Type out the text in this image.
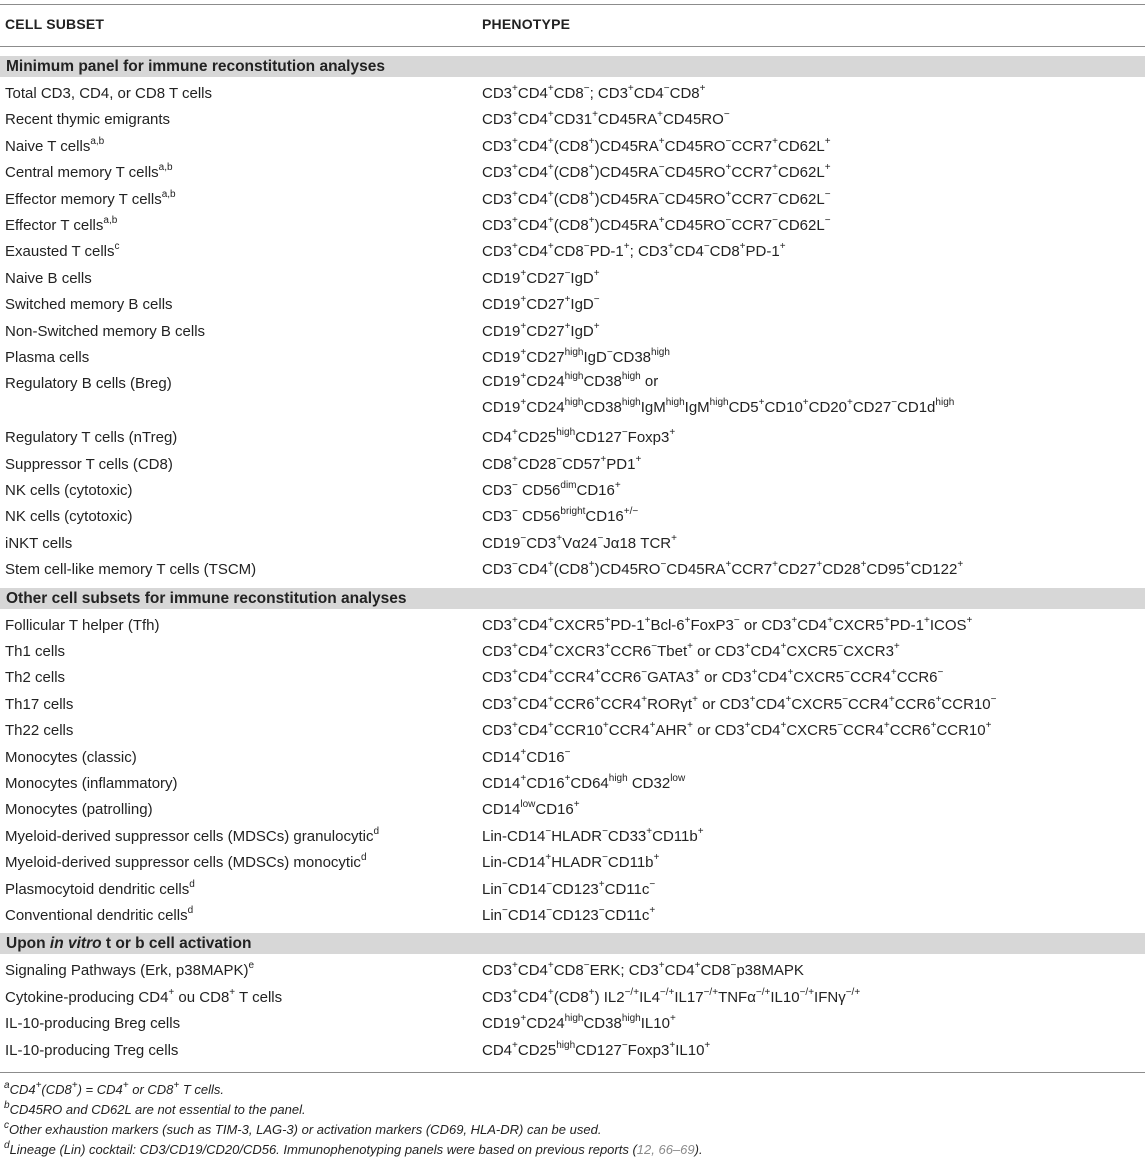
CELL SUBSET	PHENOTYPE
Minimum panel for immune reconstitution analyses
Total CD3, CD4, or CD8 T cells	CD3+CD4+CD8−; CD3+CD4−CD8+
Recent thymic emigrants	CD3+CD4+CD31+CD45RA+CD45RO−
Naive T cells$^{a,b}$	CD3+CD4+(CD8+)CD45RA+CD45RO−CCR7+CD62L+
Central memory T cells$^{a,b}$	CD3+CD4+(CD8+)CD45RA−CD45RO+CCR7+CD62L+
Effector memory T cells$^{a,b}$	CD3+CD4+(CD8+)CD45RA−CD45RO+CCR7−CD62L−
Effector T cells$^{a,b}$	CD3+CD4+(CD8+)CD45RA+CD45RO−CCR7−CD62L−
Exausted T cells$^c$	CD3+CD4+CD8−PD-1+; CD3+CD4−CD8+PD-1+
Naive B cells	CD19+CD27−IgD+
Switched memory B cells	CD19+CD27+IgD−
Non-Switched memory B cells	CD19+CD27+IgD+
Plasma cells	$CD19^+CD27^{high}IgD^-CD38^{high}$
Regulatory B cells (Breg)	$CD19^+CD24^{high}CD38^{high}$ or
$CD19^+CD24^{high}CD38^{high}IgM^{high}IgM^{high}CD5^+CD10^+CD20^+CD27^-CD1d^{high}$
Regulatory T cells (nTreg)	$CD4^+CD25^{high}CD127^-Foxp3^+$
Suppressor T cells (CD8)	CD8+CD28−CD57+PD1+
NK cells (cytotoxic)	CD3− $CD56^{dim}CD16^+$
NK cells (cytotoxic)	CD3− $CD56^{bright}CD16^{+/-}$
iNKT cells	CD19−CD3+Vα24−Jα18 TCR+
Stem cell-like memory T cells (TSCM)	CD3−CD4+(CD8+)CD45RO−CD45RA+CCR7+CD27+CD28+CD95+CD122+
Other cell subsets for immune reconstitution analyses
Follicular T helper (Tfh)	CD3+CD4+CXCR5+PD-1+Bcl-6+FoxP3− or CD3+CD4+CXCR5+PD-1+ICOS+
Th1 cells	CD3+CD4+CXCR3+CCR6−Tbet+ or CD3+CD4+CXCR5−CXCR3+
Th2 cells	CD3+CD4+CCR4+CCR6−GATA3+ or CD3+CD4+CXCR5−CCR4+CCR6−
Th17 cells	CD3+CD4+CCR6+CCR4+RORγt+ or CD3+CD4+CXCR5−CCR4+CCR6+CCR10−
Th22 cells	CD3+CD4+CCR10+CCR4+AHR+ or CD3+CD4+CXCR5−CCR4+CCR6+CCR10+
Monocytes (classic)	CD14+CD16−
Monocytes (inflammatory)	$CD14^+CD16^+CD64^{high}$ $CD32^{low}$
Monocytes (patrolling)	$CD14^{low}CD16^+$
Myeloid-derived suppressor cells (MDSCs) granulocytic$^d$	Lin-CD14−HLADR−CD33+CD11b+
Myeloid-derived suppressor cells (MDSCs) monocytic$^d$	Lin-CD14+HLADR−CD11b+
Plasmocytoid dendritic cells$^d$	Lin−CD14−CD123+CD11c−
Conventional dendritic cells$^d$	Lin−CD14−CD123−CD11c+
Upon in vitro t or b cell activation
Signaling Pathways (Erk, p38MAPK)$^e$	CD3+CD4+CD8−ERK; CD3+CD4+CD8−p38MAPK
Cytokine-producing CD4+ ou CD8+ T cells	CD3+CD4+(CD8+) IL2−/+IL4−/+IL17−/+TNFα−/+IL10−/+IFNγ−/+
IL-10-producing Breg cells	$CD19^+CD24^{high}CD38^{high}IL10^+$
IL-10-producing Treg cells	$CD4^+CD25^{high}CD127^-Foxp3^+IL10^+$
$^a$CD4+(CD8+) = CD4+ or CD8+ T cells.
$^b$CD45RO and CD62L are not essential to the panel.
$^c$Other exhaustion markers (such as TIM-3, LAG-3) or activation markers (CD69, HLA-DR) can be used.
$^d$Lineage (Lin) cocktail: CD3/CD19/CD20/CD56. Immunophenotyping panels were based on previous reports (12, 66–69).
